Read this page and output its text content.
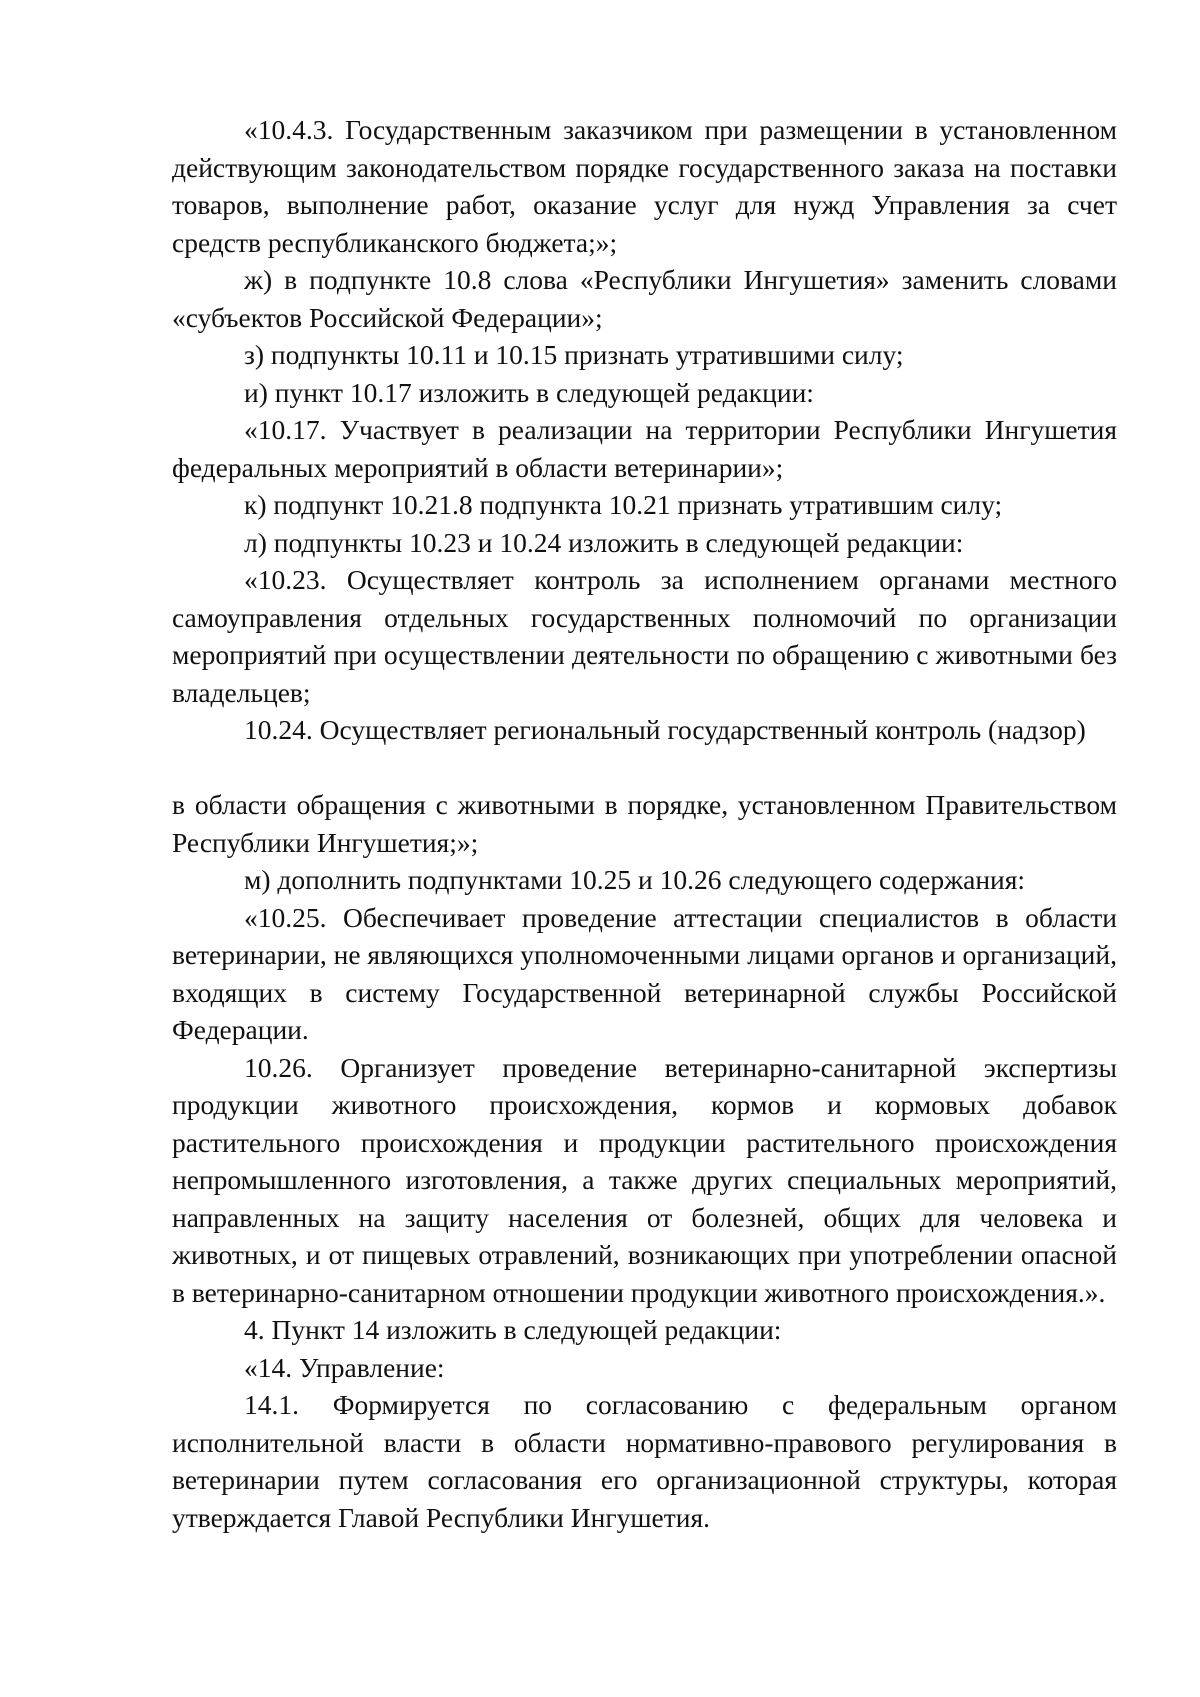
«10.4.3. Государственным заказчиком при размещении в установленном действующим законодательством порядке государственного заказа на поставки товаров, выполнение работ, оказание услуг для нужд Управления за счет средств республиканского бюджета;»;

ж) в подпункте 10.8 слова «Республики Ингушетия» заменить словами «субъектов Российской Федерации»;

з) подпункты 10.11 и 10.15 признать утратившими силу;

и) пункт 10.17 изложить в следующей редакции:

«10.17. Участвует в реализации на территории Республики Ингушетия федеральных мероприятий в области ветеринарии»;

к) подпункт 10.21.8 подпункта 10.21 признать утратившим силу;

л) подпункты 10.23 и 10.24 изложить в следующей редакции:

«10.23. Осуществляет контроль за исполнением органами местного самоуправления отдельных государственных полномочий по организации мероприятий при осуществлении деятельности по обращению с животными без владельцев;

10.24. Осуществляет региональный государственный контроль (надзор)

в области обращения с животными в порядке, установленном Правительством Республики Ингушетия;»;

м) дополнить подпунктами 10.25 и 10.26 следующего содержания:

«10.25. Обеспечивает проведение аттестации специалистов в области ветеринарии, не являющихся уполномоченными лицами органов и организаций, входящих в систему Государственной ветеринарной службы Российской Федерации.

10.26. Организует проведение ветеринарно-санитарной экспертизы продукции животного происхождения, кормов и кормовых добавок растительного происхождения и продукции растительного происхождения непромышленного изготовления, а также других специальных мероприятий, направленных на защиту населения от болезней, общих для человека и животных, и от пищевых отравлений, возникающих при употреблении опасной в ветеринарно-санитарном отношении продукции животного происхождения.».

4. Пункт 14 изложить в следующей редакции:

«14. Управление:

14.1. Формируется по согласованию с федеральным органом исполнительной власти в области нормативно-правового регулирования в ветеринарии путем согласования его организационной структуры, которая утверждается Главой Республики Ингушетия.
